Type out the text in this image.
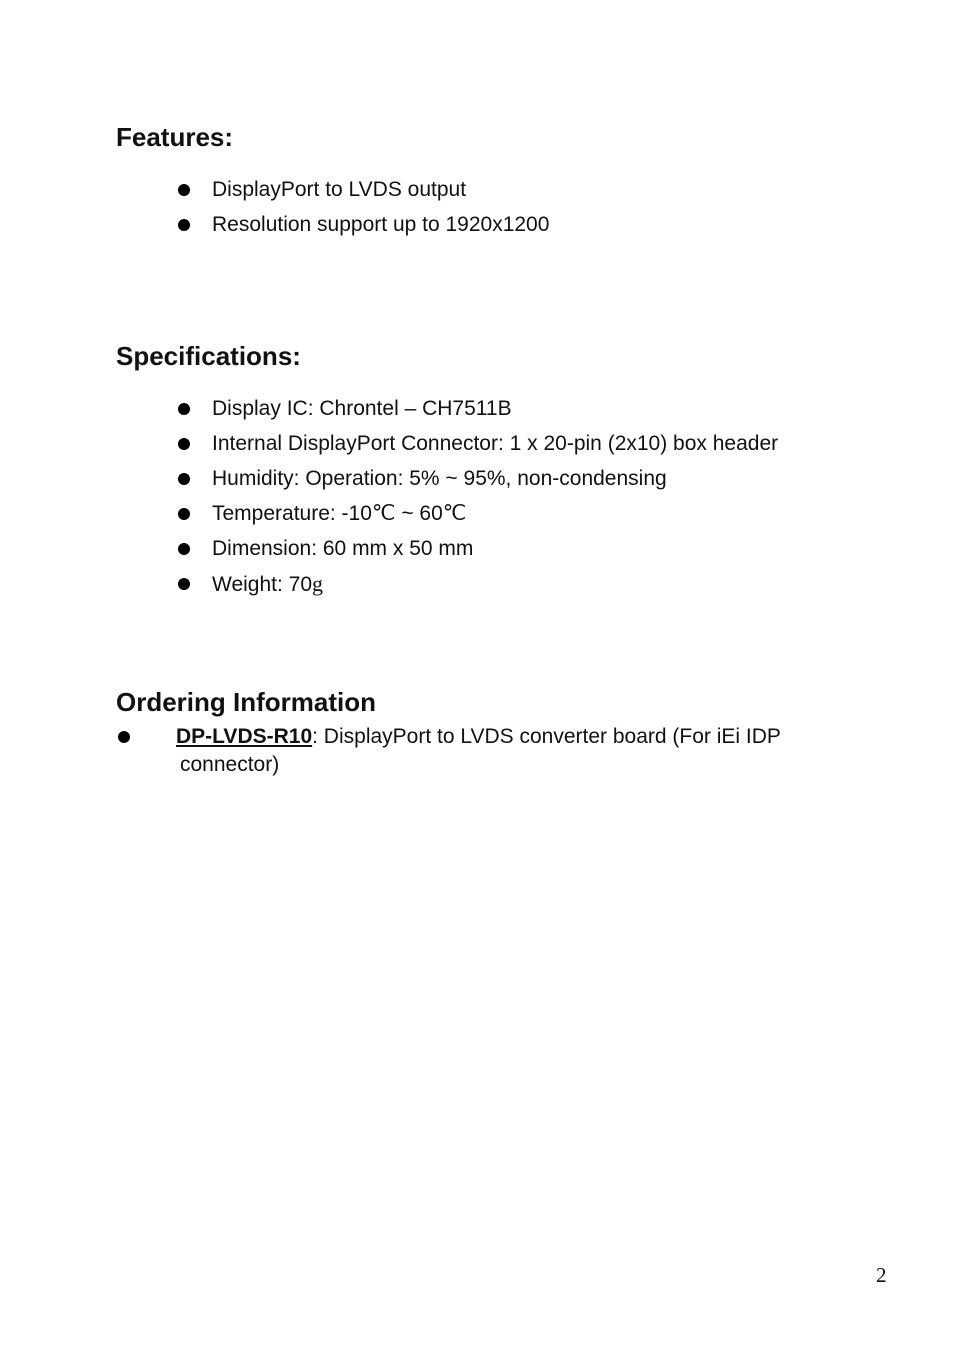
Features:
DisplayPort to LVDS output
Resolution support up to 1920x1200
Specifications:
Display IC: Chrontel – CH7511B
Internal DisplayPort Connector: 1 x 20-pin (2x10) box header
Humidity: Operation: 5% ~ 95%, non-condensing
Temperature: -10℃ ~ 60℃
Dimension: 60 mm x 50 mm
Weight: 70g
Ordering Information
DP-LVDS-R10: DisplayPort to LVDS converter board (For iEi IDP
connector)
2
